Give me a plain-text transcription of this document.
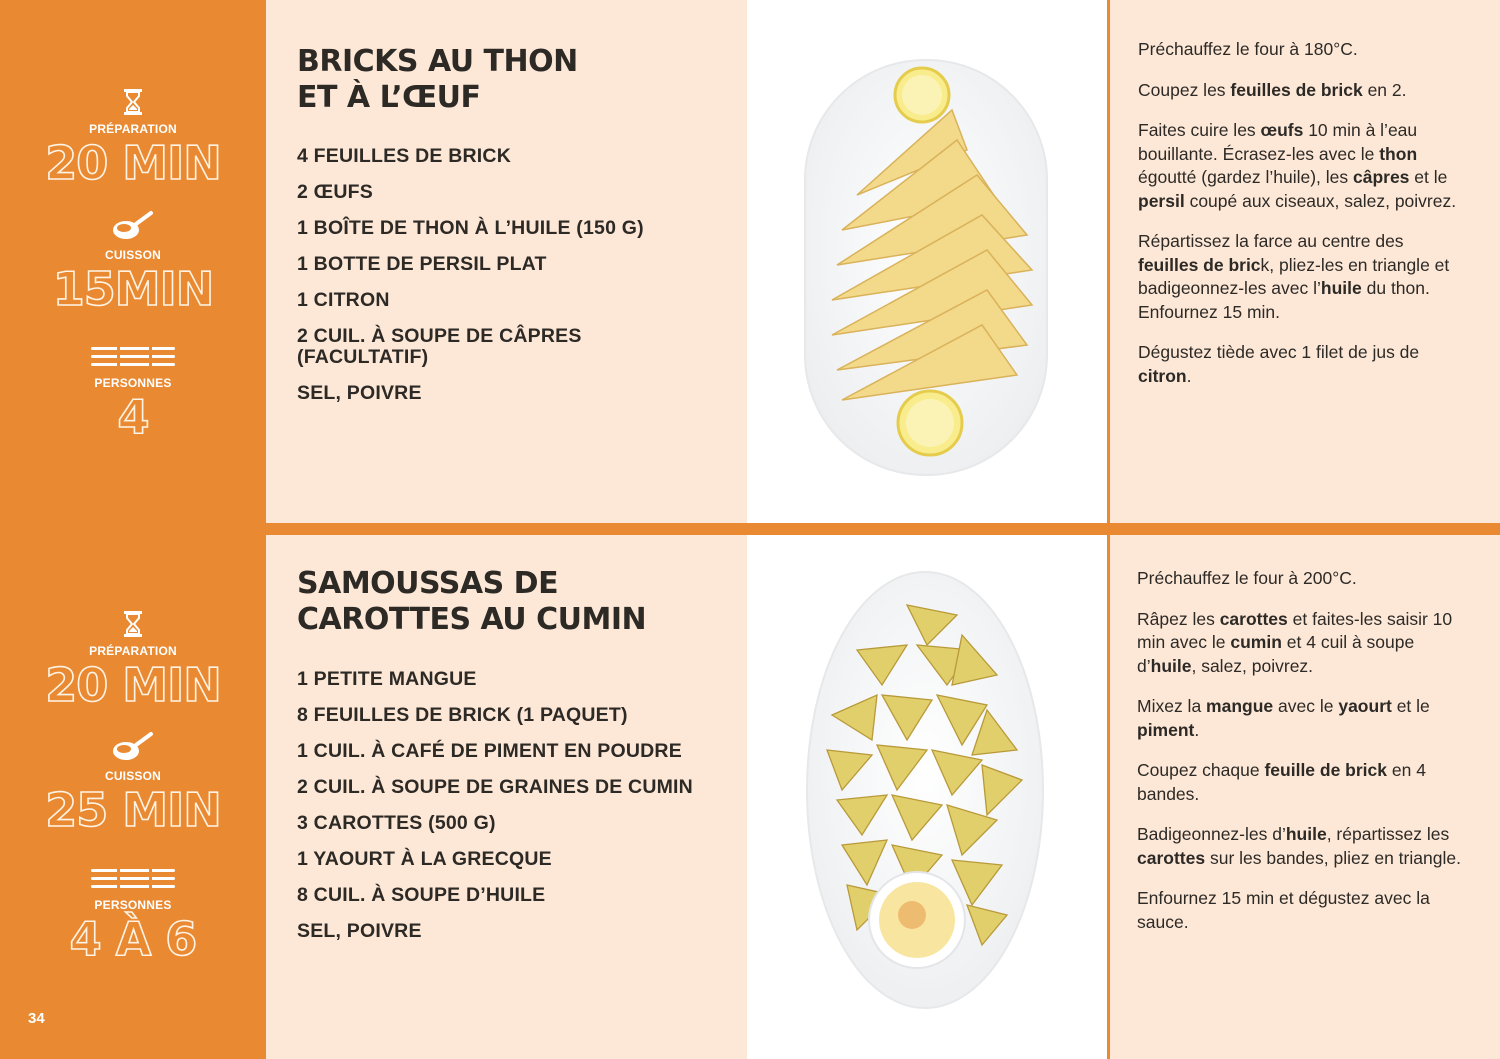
PRÉPARATION
20 MIN
CUISSON
15MIN
PERSONNES
4
BRICKS AU THON
ET À L’ŒUF
4 FEUILLES DE BRICK
2 ŒUFS
1 BOÎTE DE THON À L’HUILE (150 G)
1 BOTTE DE PERSIL PLAT
1 CITRON
2 CUIL. À SOUPE DE CÂPRES (FACULTATIF)
SEL, POIVRE

Préchauffez le four à 180°C.

Coupez les feuilles de brick en 2.

Faites cuire les œufs 10 min à l’eau bouillante. Écrasez-les avec le thon égoutté (gardez l’huile), les câpres et le persil coupé aux ciseaux, salez, poivrez.

Répartissez la farce au centre des feuilles de brick, pliez-les en triangle et badigeonnez-les avec l’huile du thon. Enfournez 15 min.

Dégustez tiède avec 1 filet de jus de citron.

PRÉPARATION
20 MIN
CUISSON
25 MIN
PERSONNES
4 À 6
SAMOUSSAS DE
CAROTTES AU CUMIN
1 PETITE MANGUE
8 FEUILLES DE BRICK (1 PAQUET)
1 CUIL. À CAFÉ DE PIMENT EN POUDRE
2 CUIL. À SOUPE DE GRAINES DE CUMIN
3 CAROTTES (500 G)
1 YAOURT À LA GRECQUE
8 CUIL. À SOUPE D’HUILE
SEL, POIVRE

Préchauffez le four à 200°C.

Râpez les carottes et faites-les saisir 10 min avec le cumin et 4 cuil à soupe d’huile, salez, poivrez.

Mixez la mangue avec le yaourt et le piment.

Coupez chaque feuille de brick en 4 bandes.

Badigeonnez-les d’huile, répartissez les carottes sur les bandes, pliez en triangle.

Enfournez 15 min et dégustez avec la sauce.

34
